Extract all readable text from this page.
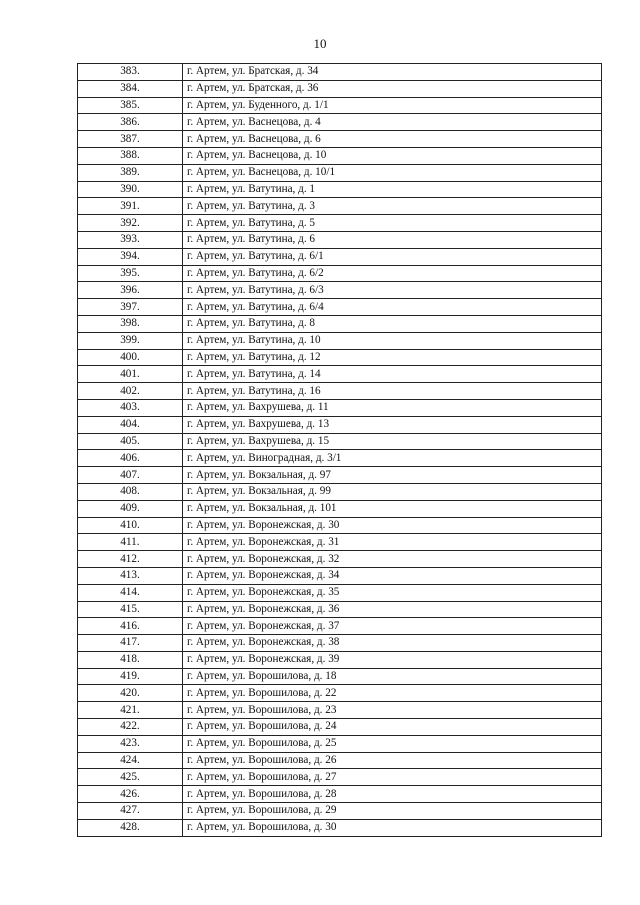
10
383.	г. Артем, ул. Братская, д. 34
384.	г. Артем, ул. Братская, д. 36
385.	г. Артем, ул. Буденного, д. 1/1
386.	г. Артем, ул. Васнецова, д. 4
387.	г. Артем, ул. Васнецова, д. 6
388.	г. Артем, ул. Васнецова, д. 10
389.	г. Артем, ул. Васнецова, д. 10/1
390.	г. Артем, ул. Ватутина, д. 1
391.	г. Артем, ул. Ватутина, д. 3
392.	г. Артем, ул. Ватутина, д. 5
393.	г. Артем, ул. Ватутина, д. 6
394.	г. Артем, ул. Ватутина, д. 6/1
395.	г. Артем, ул. Ватутина, д. 6/2
396.	г. Артем, ул. Ватутина, д. 6/3
397.	г. Артем, ул. Ватутина, д. 6/4
398.	г. Артем, ул. Ватутина, д. 8
399.	г. Артем, ул. Ватутина, д. 10
400.	г. Артем, ул. Ватутина, д. 12
401.	г. Артем, ул. Ватутина, д. 14
402.	г. Артем, ул. Ватутина, д. 16
403.	г. Артем, ул. Вахрушева, д. 11
404.	г. Артем, ул. Вахрушева, д. 13
405.	г. Артем, ул. Вахрушева, д. 15
406.	г. Артем, ул. Виноградная, д. 3/1
407.	г. Артем, ул. Вокзальная, д. 97
408.	г. Артем, ул. Вокзальная, д. 99
409.	г. Артем, ул. Вокзальная, д. 101
410.	г. Артем, ул. Воронежская, д. 30
411.	г. Артем, ул. Воронежская, д. 31
412.	г. Артем, ул. Воронежская, д. 32
413.	г. Артем, ул. Воронежская, д. 34
414.	г. Артем, ул. Воронежская, д. 35
415.	г. Артем, ул. Воронежская, д. 36
416.	г. Артем, ул. Воронежская, д. 37
417.	г. Артем, ул. Воронежская, д. 38
418.	г. Артем, ул. Воронежская, д. 39
419.	г. Артем, ул. Ворошилова, д. 18
420.	г. Артем, ул. Ворошилова, д. 22
421.	г. Артем, ул. Ворошилова, д. 23
422.	г. Артем, ул. Ворошилова, д. 24
423.	г. Артем, ул. Ворошилова, д. 25
424.	г. Артем, ул. Ворошилова, д. 26
425.	г. Артем, ул. Ворошилова, д. 27
426.	г. Артем, ул. Ворошилова, д. 28
427.	г. Артем, ул. Ворошилова, д. 29
428.	г. Артем, ул. Ворошилова, д. 30
